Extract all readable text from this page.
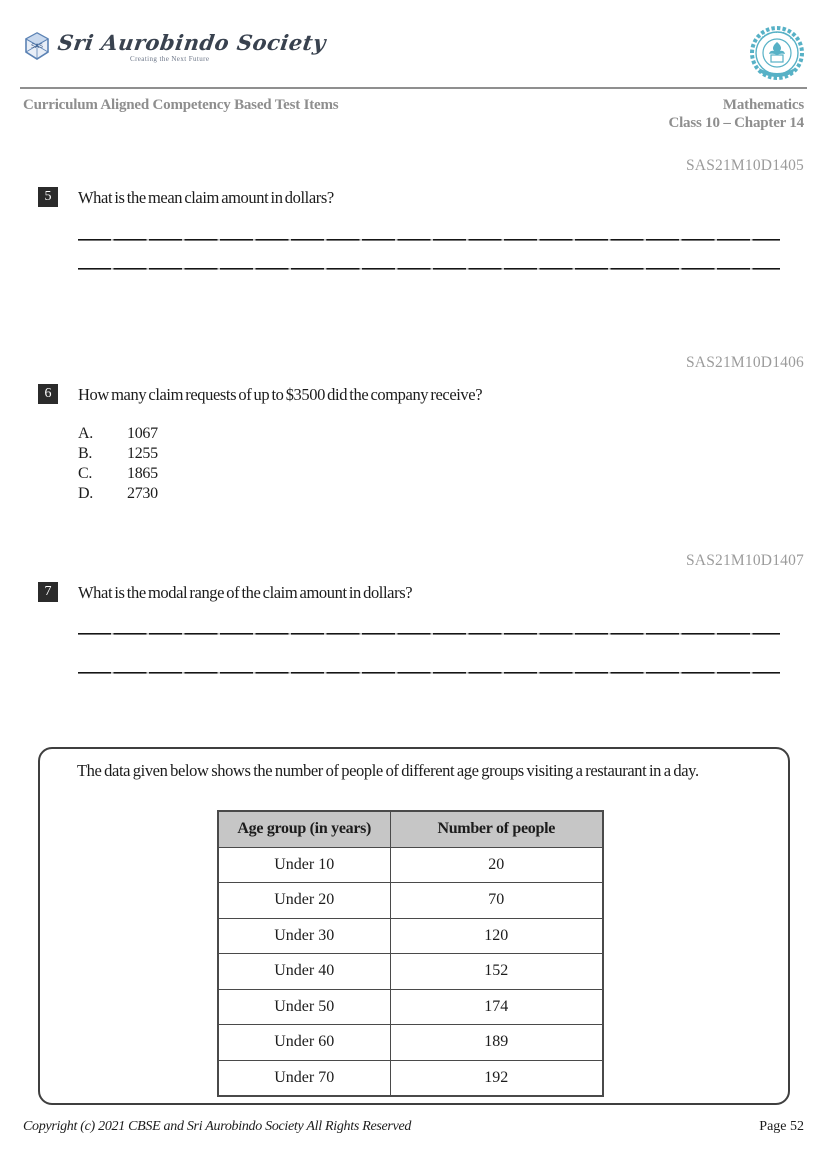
SAS Sri Aurobindo Society
Creating the Next Future
••• •••••
•••
Curriculum Aligned Competency Based Test Items	Mathematics
Class 10 – Chapter 14
SAS21M10D1405
5	What is the mean claim amount in dollars?
SAS21M10D1406
6	How many claim requests of up to $3500 did the company receive?
A.	1067
B.	1255
C.	1865
D.	2730
SAS21M10D1407
7	What is the modal range of the claim amount in dollars?
The data given below shows the number of people of different age groups visiting a restaurant in a day.
Age group (in years)	Number of people
Under 10	20
Under 20	70
Under 30	120
Under 40	152
Under 50	174
Under 60	189
Under 70	192
Copyright (c) 2021 CBSE and Sri Aurobindo Society All Rights Reserved	Page 52
